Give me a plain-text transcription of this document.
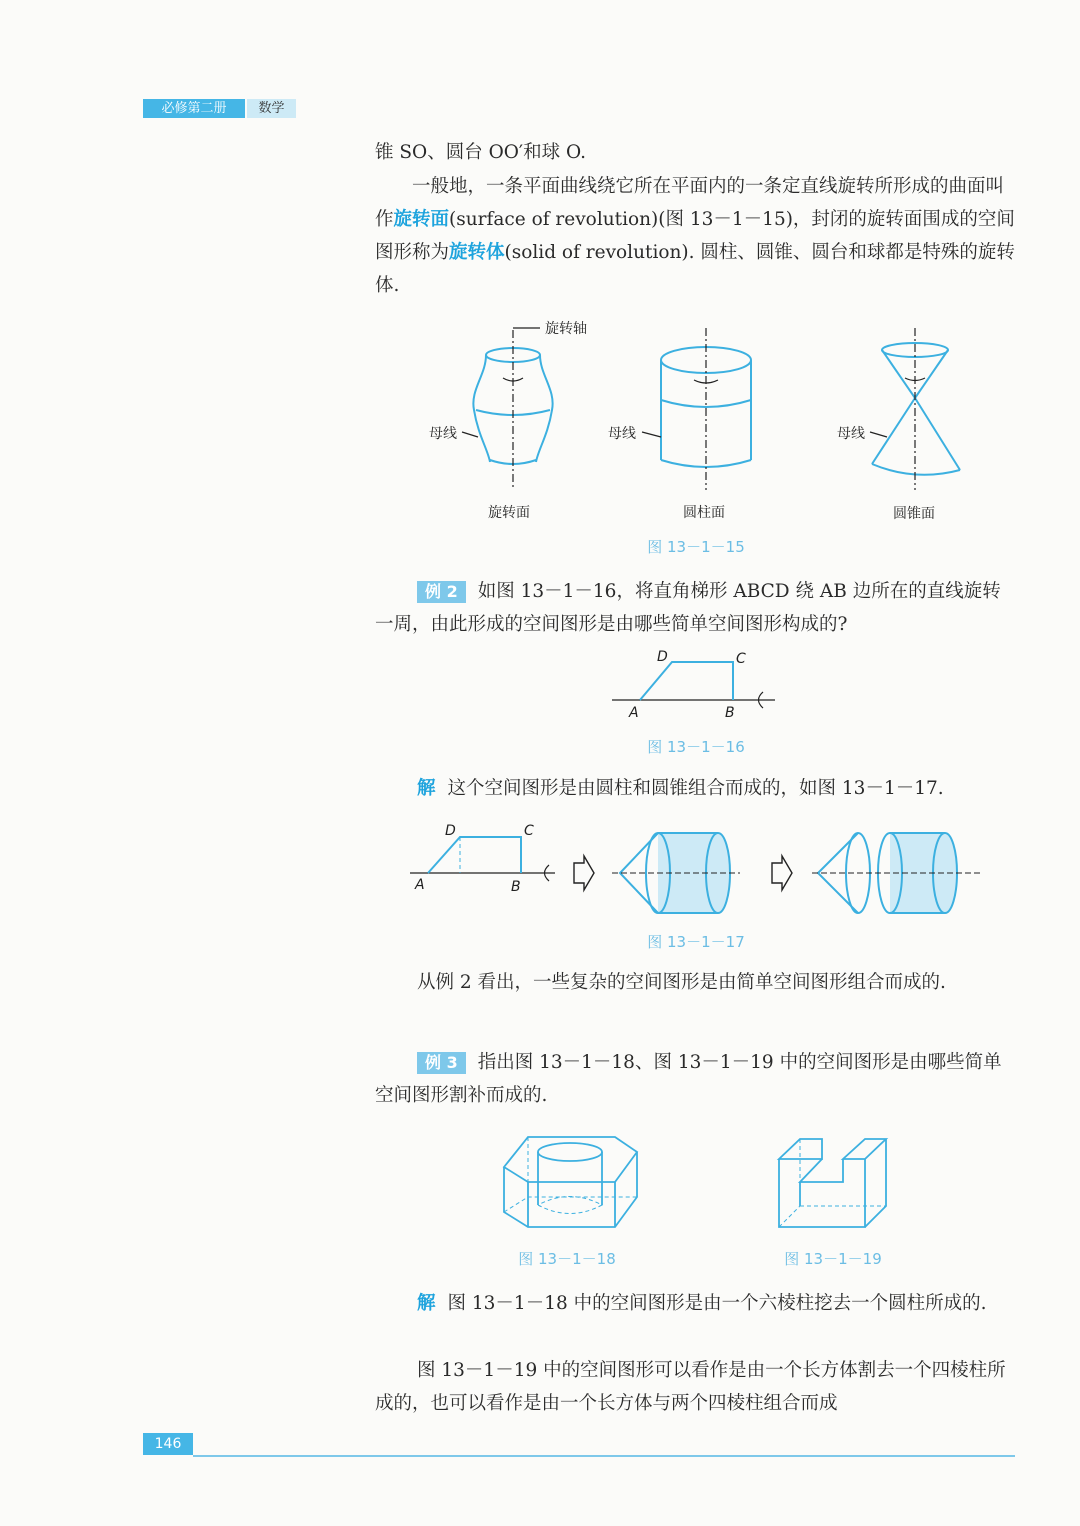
必修第二册	数学
锥 SO、圆台 OO′和球 O.
一般地，一条平面曲线绕它所在平面内的一条定直线旋转所形成的曲面叫作旋转面(surface of revolution)(图 13－1－15)，封闭的旋转面围成的空间图形称为旋转体(solid of revolution). 圆柱、圆锥、圆台和球都是特殊的旋转体.
旋转轴
母线	母线	母线
旋转面	圆柱面	圆锥面
图 13－1－15
例 2 如图 13－1－16，将直角梯形 ABCD 绕 AB 边所在的直线旋转一周，由此形成的空间图形是由哪些简单空间图形构成的?
D	C
A	B
图 13－1－16
解 这个空间图形是由圆柱和圆锥组合而成的，如图 13－1－17.
D	C
A	B
图 13－1－17
从例 2 看出，一些复杂的空间图形是由简单空间图形组合而成的.
例 3 指出图 13－1－18、图 13－1－19 中的空间图形是由哪些简单空间图形割补而成的.
图 13－1－18	图 13－1－19
解 图 13－1－18 中的空间图形是由一个六棱柱挖去一个圆柱所成的.
图 13－1－19 中的空间图形可以看作是由一个长方体割去一个四棱柱所成的，也可以看作是由一个长方体与两个四棱柱组合而成
146
